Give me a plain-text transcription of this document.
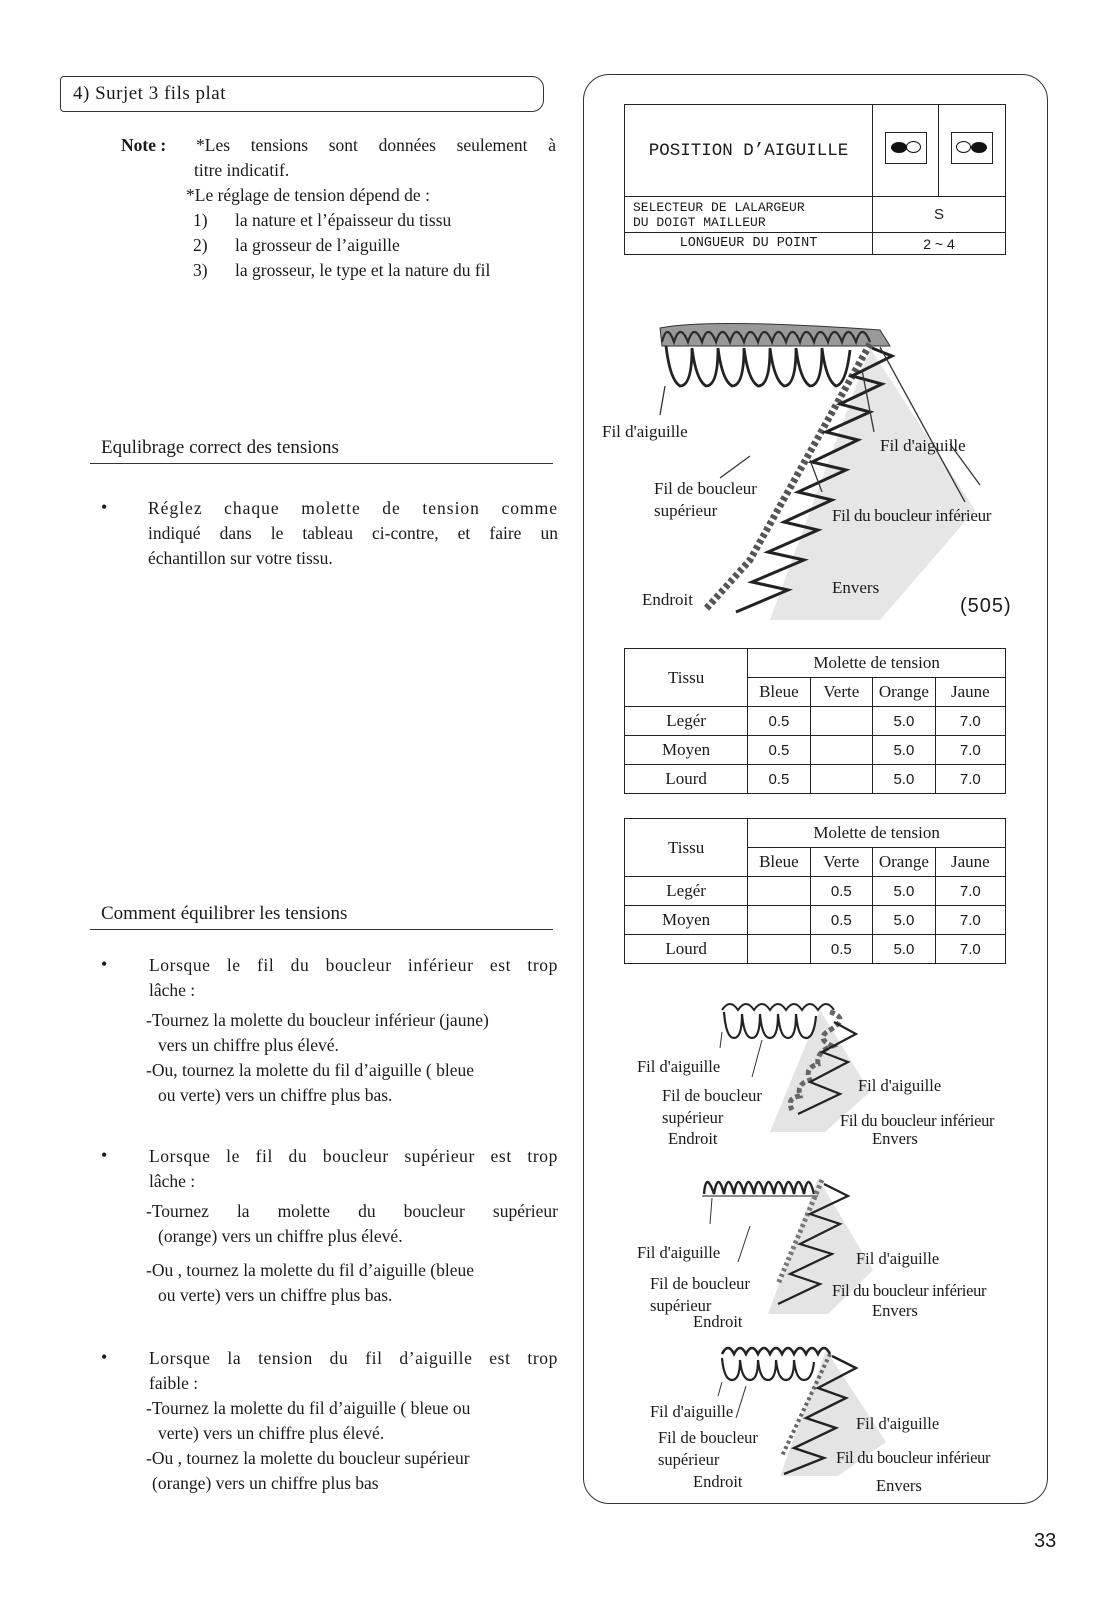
4) Surjet 3 fils plat
Note : *Les tensions sont données seulement à
titre indicatif.
*Le réglage de tension dépend de :
1) la nature et l’épaisseur du tissu
2) la grosseur de l’aiguille
3) la grosseur, le type et la nature du fil
Equlibrage correct des tensions
• Réglez chaque molette de tension comme
indiqué dans le tableau ci-contre, et faire un
échantillon sur votre tissu.
Comment équilibrer les tensions
• Lorsque le fil du boucleur inférieur est trop
lâche :
-Tournez la molette du boucleur inférieur (jaune)
vers un chiffre plus élevé.
-Ou, tournez la molette du fil d’aiguille ( bleue
ou verte) vers un chiffre plus bas.
• Lorsque le fil du boucleur supérieur est trop
lâche :
-Tournez la molette du boucleur supérieur
(orange) vers un chiffre plus élevé.
-Ou , tournez la molette du fil d’aiguille (bleue
ou verte) vers un chiffre plus bas.
• Lorsque la tension du fil d’aiguille est trop
faible :
-Tournez la molette du fil d’aiguille ( bleue ou
verte) vers un chiffre plus élevé.
-Ou , tournez la molette du boucleur supérieur
(orange) vers un chiffre plus bas
POSITION D’AIGUILLE	

SELECTEUR DE LALARGEUR
DU DOIGT MAILLEUR	S	
LONGUEUR DU POINT	2 ~ 4	
Fil d'aiguille
Fil d'aiguille
Fil de boucleur
supérieur	Fil du boucleur inférieur
Endroit
Envers
(505)
Tissu	Molette de tension			
	Bleue	Verte	Orange	Jaune
Legér	0.5		5.0	7.0
Moyen	0.5		5.0	7.0
Lourd	0.5		5.0	7.0
Tissu	Molette de tension			
	Bleue	Verte	Orange	Jaune
Legér		0.5	5.0	7.0
Moyen		0.5	5.0	7.0
Lourd		0.5	5.0	7.0
Fil d'aiguille
Fil de boucleur
supérieur
Endroit
Fil d'aiguille
Fil du boucleur inférieur
Envers
Fil d'aiguille
Fil de boucleur
supérieur
Endroit
Fil d'aiguille
Fil du boucleur inférieur
Envers
Fil d'aiguille
Fil de boucleur
supérieur
Endroit
Fil d'aiguille
Fil du boucleur inférieur
Envers
33
